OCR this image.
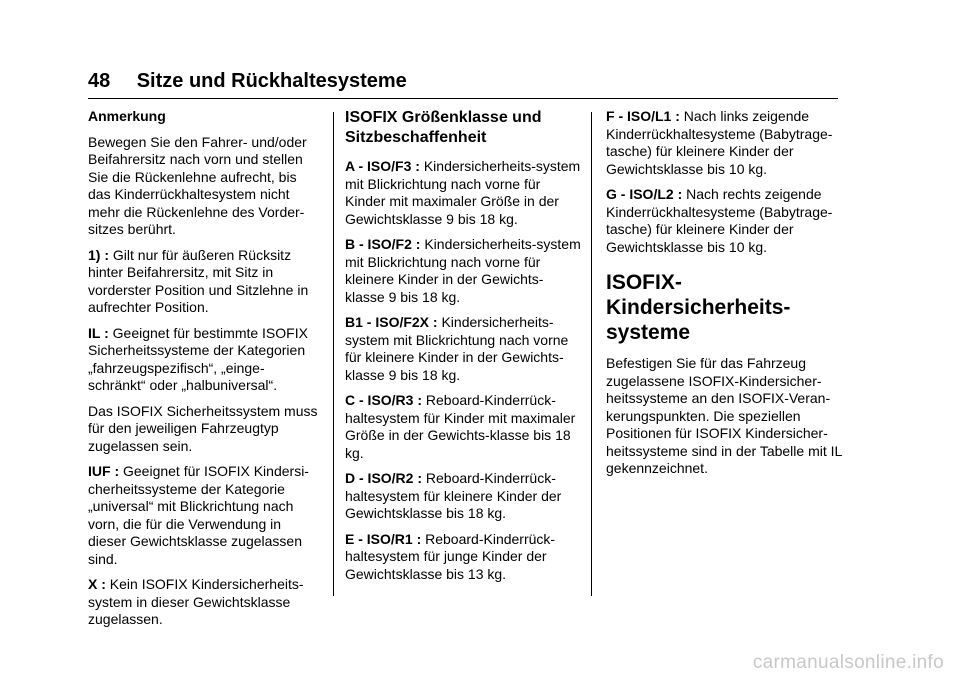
48 Sitze und Rückhaltesysteme

Anmerkung

Bewegen Sie den Fahrer- und/oder Beifahrersitz nach vorn und stellen Sie die Rückenlehne aufrecht, bis das Kinderrückhaltesystem nicht mehr die Rückenlehne des Vorder-sitzes berührt.

1) : Gilt nur für äußeren Rücksitz hinter Beifahrersitz, mit Sitz in vorderster Position und Sitzlehne in aufrechter Position.

IL : Geeignet für bestimmte ISOFIX Sicherheitssysteme der Kategorien „fahrzeugspezifisch“, „einge-schränkt“ oder „halbuniversal“.

Das ISOFIX Sicherheitssystem muss für den jeweiligen Fahrzeugtyp zugelassen sein.

IUF : Geeignet für ISOFIX Kindersi-cherheitssysteme der Kategorie „universal“ mit Blickrichtung nach vorn, die für die Verwendung in dieser Gewichtsklasse zugelassen sind.

X : Kein ISOFIX Kindersicherheits-system in dieser Gewichtsklasse zugelassen.

ISOFIX Größenklasse und Sitzbeschaffenheit

A - ISO/F3 : Kindersicherheits-system mit Blickrichtung nach vorne für Kinder mit maximaler Größe in der Gewichtsklasse 9 bis 18 kg.

B - ISO/F2 : Kindersicherheits-system mit Blickrichtung nach vorne für kleinere Kinder in der Gewichts-klasse 9 bis 18 kg.

B1 - ISO/F2X : Kindersicherheits-system mit Blickrichtung nach vorne für kleinere Kinder in der Gewichts-klasse 9 bis 18 kg.

C - ISO/R3 : Reboard-Kinderrück-haltesystem für Kinder mit maximaler Größe in der Gewichts-klasse bis 18 kg.

D - ISO/R2 : Reboard-Kinderrück-haltesystem für kleinere Kinder der Gewichtsklasse bis 18 kg.

E - ISO/R1 : Reboard-Kinderrück-haltesystem für junge Kinder der Gewichtsklasse bis 13 kg.

F - ISO/L1 : Nach links zeigende Kinderrückhaltesysteme (Babytrage-tasche) für kleinere Kinder der Gewichtsklasse bis 10 kg.

G - ISO/L2 : Nach rechts zeigende Kinderrückhaltesysteme (Babytrage-tasche) für kleinere Kinder der Gewichtsklasse bis 10 kg.

ISOFIX-Kindersicherheits-systeme

Befestigen Sie für das Fahrzeug zugelassene ISOFIX-Kindersicher-heitssysteme an den ISOFIX-Veran-kerungspunkten. Die speziellen Positionen für ISOFIX Kindersicher-heitssysteme sind in der Tabelle mit IL gekennzeichnet.

carmanualsonline.info
